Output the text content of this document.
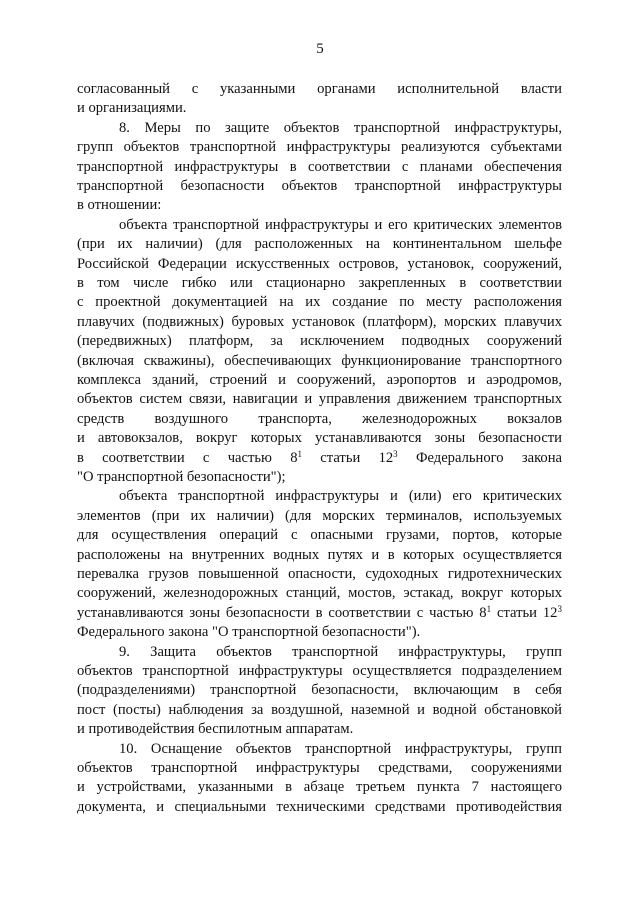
5
согласованный с указанными органами исполнительной власти
и организациями.
8. Меры по защите объектов транспортной инфраструктуры,
групп объектов транспортной инфраструктуры реализуются субъектами
транспортной инфраструктуры в соответствии с планами обеспечения
транспортной безопасности объектов транспортной инфраструктуры
в отношении:
объекта транспортной инфраструктуры и его критических элементов
(при их наличии) (для расположенных на континентальном шельфе
Российской Федерации искусственных островов, установок, сооружений,
в том числе гибко или стационарно закрепленных в соответствии
с проектной документацией на их создание по месту расположения
плавучих (подвижных) буровых установок (платформ), морских плавучих
(передвижных) платформ, за исключением подводных сооружений
(включая скважины), обеспечивающих функционирование транспортного
комплекса зданий, строений и сооружений, аэропортов и аэродромов,
объектов систем связи, навигации и управления движением транспортных
средств воздушного транспорта, железнодорожных вокзалов
и автовокзалов, вокруг которых устанавливаются зоны безопасности
в соответствии с частью $8^1$ статьи $12^3$ Федерального закона
"О транспортной безопасности");
объекта транспортной инфраструктуры и (или) его критических
элементов (при их наличии) (для морских терминалов, используемых
для осуществления операций с опасными грузами, портов, которые
расположены на внутренних водных путях и в которых осуществляется
перевалка грузов повышенной опасности, судоходных гидротехнических
сооружений, железнодорожных станций, мостов, эстакад, вокруг которых
устанавливаются зоны безопасности в соответствии с частью $8^1$ статьи $12^3$
Федерального закона "О транспортной безопасности").
9. Защита объектов транспортной инфраструктуры, групп
объектов транспортной инфраструктуры осуществляется подразделением
(подразделениями) транспортной безопасности, включающим в себя
пост (посты) наблюдения за воздушной, наземной и водной обстановкой
и противодействия беспилотным аппаратам.
10. Оснащение объектов транспортной инфраструктуры, групп
объектов транспортной инфраструктуры средствами, сооружениями
и устройствами, указанными в абзаце третьем пункта 7 настоящего
документа, и специальными техническими средствами противодействия
